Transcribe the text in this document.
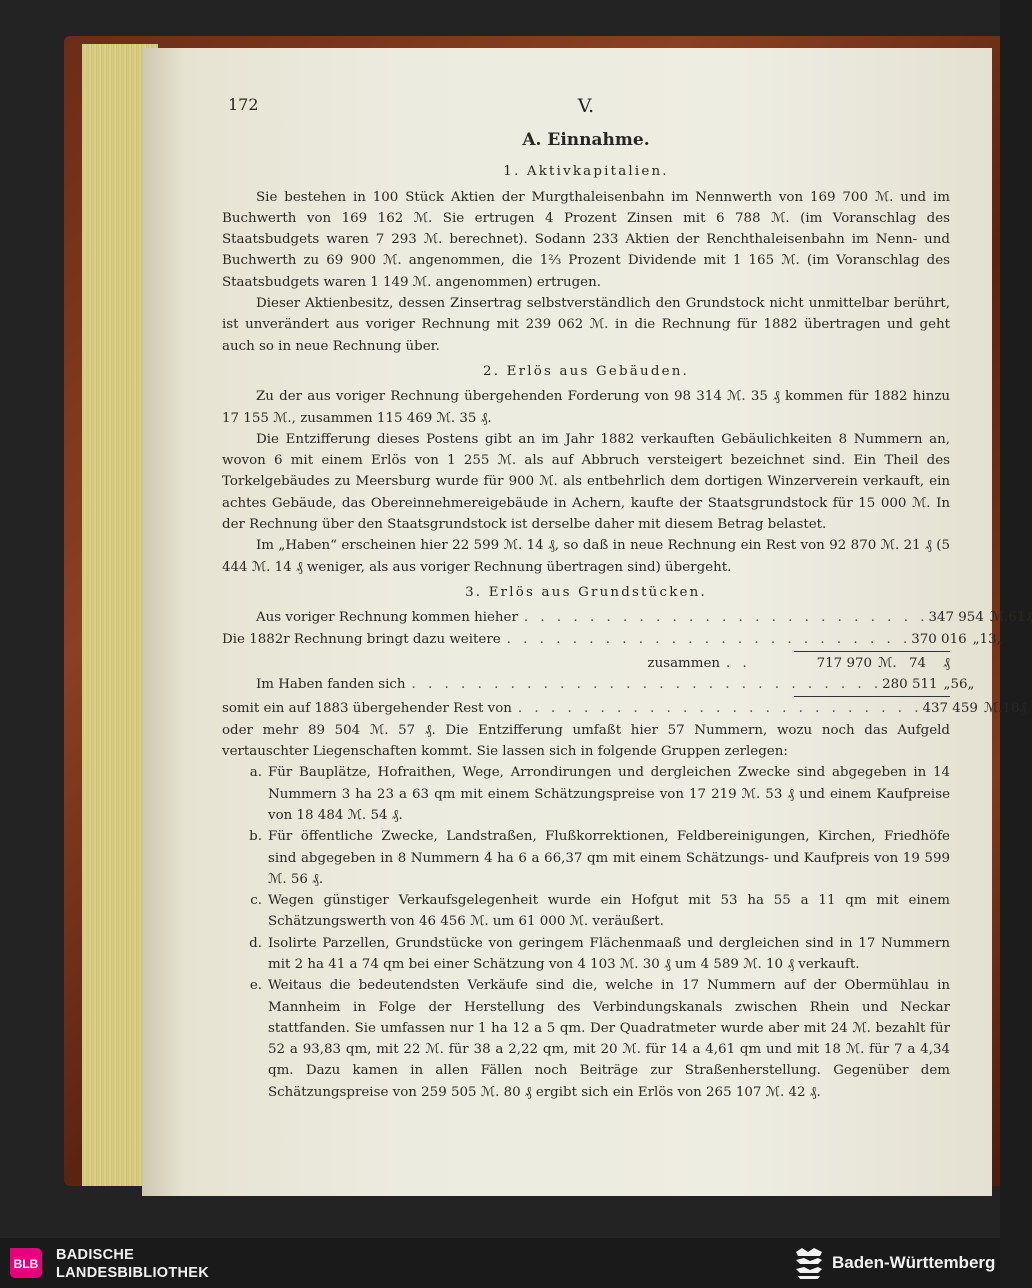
172	V.
A. Einnahme.
1. Aktivkapitalien.

Sie bestehen in 100 Stück Aktien der Murgthaleisenbahn im Nennwerth von 169 700 ℳ. und im Buchwerth von 169 162 ℳ. Sie ertrugen 4 Prozent Zinsen mit 6 788 ℳ. (im Voranschlag des Staatsbudgets waren 7 293 ℳ. berechnet). Sodann 233 Aktien der Renchthaleisenbahn im Nenn- und Buchwerth zu 69 900 ℳ. angenommen, die 1⅔ Prozent Dividende mit 1 165 ℳ. (im Voranschlag des Staatsbudgets waren 1 149 ℳ. angenommen) ertrugen.

Dieser Aktienbesitz, dessen Zinsertrag selbstverständlich den Grundstock nicht unmittelbar berührt, ist unverändert aus voriger Rechnung mit 239 062 ℳ. in die Rechnung für 1882 übertragen und geht auch so in neue Rechnung über.

2. Erlös aus Gebäuden.

Zu der aus voriger Rechnung übergehenden Forderung von 98 314 ℳ. 35 ₰ kommen für 1882 hinzu 17 155 ℳ., zusammen 115 469 ℳ. 35 ₰.

Die Entzifferung dieses Postens gibt an im Jahr 1882 verkauften Gebäulichkeiten 8 Nummern an, wovon 6 mit einem Erlös von 1 255 ℳ. als auf Abbruch versteigert bezeichnet sind. Ein Theil des Torkelgebäudes zu Meersburg wurde für 900 ℳ. als entbehrlich dem dortigen Winzerverein verkauft, ein achtes Gebäude, das Obereinnehmereigebäude in Achern, kaufte der Staatsgrundstock für 15 000 ℳ. In der Rechnung über den Staatsgrundstock ist derselbe daher mit diesem Betrag belastet.

Im „Haben“ erscheinen hier 22 599 ℳ. 14 ₰, so daß in neue Rechnung ein Rest von 92 870 ℳ. 21 ₰ (5 444 ℳ. 14 ₰ weniger, als aus voriger Rechnung übertragen sind) übergeht.

3. Erlös aus Grundstücken.
Aus voriger Rechnung kommen hieher . . . . . . . . . . . . . . . . . . . . . . . . . 347 954 ℳ. 61 ₰
Die 1882r Rechnung bringt dazu weitere . . . . . . . . . . . . . . . . . . . . . . . . . 370 016 „ 13 „
zusammen . .	717 970 ℳ. 74	₰
Im Haben fanden sich . . . . . . . . . . . . . . . . . . . . . . . . . . . . . 280 511 „ 56 „
somit ein auf 1883 übergehender Rest von . . . . . . . . . . . . . . . . . . . . . . . . . 437 459 ℳ. 18 ₰

oder mehr 89 504 ℳ. 57 ₰. Die Entzifferung umfaßt hier 57 Nummern, wozu noch das Aufgeld vertauschter Liegenschaften kommt. Sie lassen sich in folgende Gruppen zerlegen:

a. Für Bauplätze, Hofraithen, Wege, Arrondirungen und dergleichen Zwecke sind abgegeben in 14 Nummern 3 ha 23 a 63 qm mit einem Schätzungspreise von 17 219 ℳ. 53 ₰ und einem Kaufpreise von 18 484 ℳ. 54 ₰.
b. Für öffentliche Zwecke, Landstraßen, Flußkorrektionen, Feldbereinigungen, Kirchen, Friedhöfe sind abgegeben in 8 Nummern 4 ha 6 a 66,37 qm mit einem Schätzungs- und Kaufpreis von 19 599 ℳ. 56 ₰.
c. Wegen günstiger Verkaufsgelegenheit wurde ein Hofgut mit 53 ha 55 a 11 qm mit einem Schätzungswerth von 46 456 ℳ. um 61 000 ℳ. veräußert.
d. Isolirte Parzellen, Grundstücke von geringem Flächenmaaß und dergleichen sind in 17 Nummern mit 2 ha 41 a 74 qm bei einer Schätzung von 4 103 ℳ. 30 ₰ um 4 589 ℳ. 10 ₰ verkauft.
e. Weitaus die bedeutendsten Verkäufe sind die, welche in 17 Nummern auf der Obermühlau in Mannheim in Folge der Herstellung des Verbindungskanals zwischen Rhein und Neckar stattfanden. Sie umfassen nur 1 ha 12 a 5 qm. Der Quadratmeter wurde aber mit 24 ℳ. bezahlt für 52 a 93,83 qm, mit 22 ℳ. für 38 a 2,22 qm, mit 20 ℳ. für 14 a 4,61 qm und mit 18 ℳ. für 7 a 4,34 qm. Dazu kamen in allen Fällen noch Beiträge zur Straßenherstellung. Gegenüber dem Schätzungspreise von 259 505 ℳ. 80 ₰ ergibt sich ein Erlös von 265 107 ℳ. 42 ₰.
BLB
BADISCHE
LANDESBIBLIOTHEK
Baden-Württemberg
